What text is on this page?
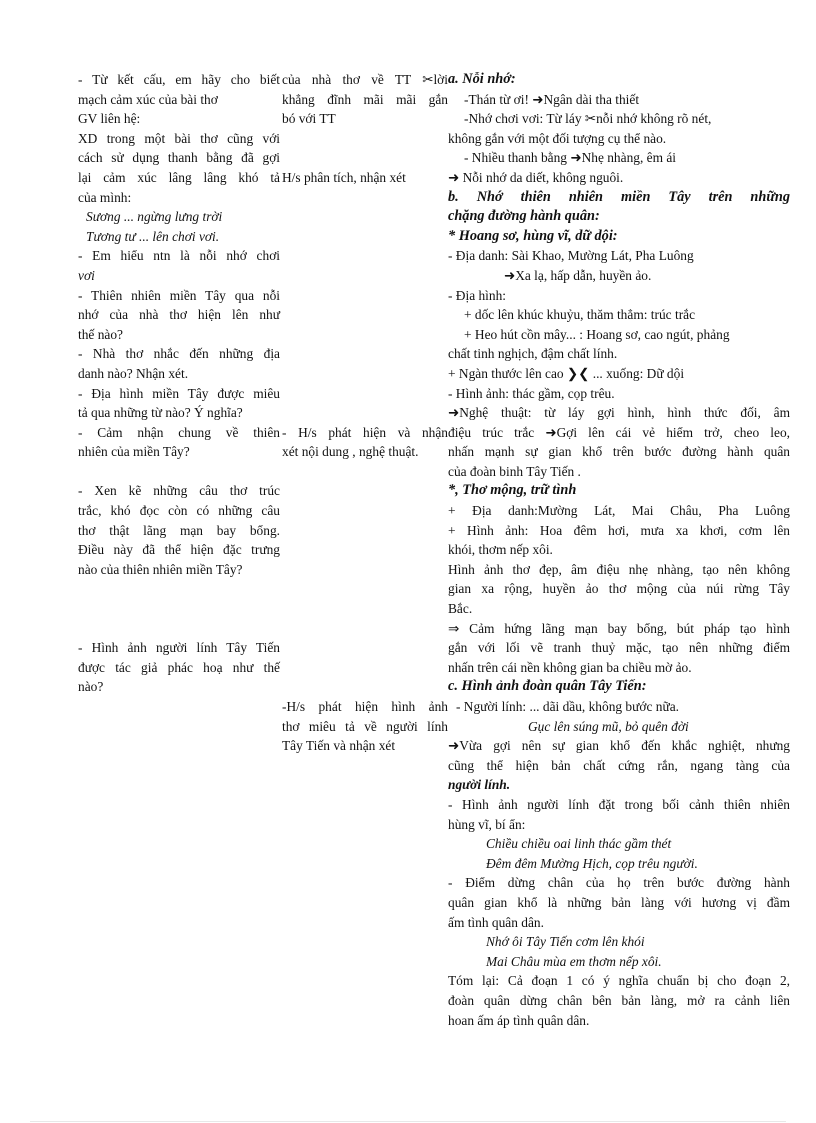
- Từ kết cấu, em hãy cho biết
mạch cảm xúc của bài thơ
GV liên hệ:
XD trong một bài thơ cũng với
cách sử dụng thanh bằng đã gợi
lại cảm xúc lâng lâng khó tả
của mình:
Sương ... ngừng lưng trời
Tương tư ... lên chơi vơi.
- Em hiểu ntn là nỗi nhớ chơi
vơi
- Thiên nhiên miền Tây qua nỗi
nhớ của nhà thơ hiện lên như
thế nào?
- Nhà thơ nhắc đến những địa
danh nào? Nhận xét.
- Địa hình miền Tây được miêu
tả qua những từ nào? Ý nghĩa?
- Cảm nhận chung về thiên
nhiên của miền Tây?
- Xen kẽ những câu thơ trúc
trắc, khó đọc còn có những câu
thơ thật lãng mạn bay bổng.
Điều này đã thể hiện đặc trưng
nào của thiên nhiên miền Tây?
- Hình ảnh người lính Tây Tiến
được tác giả phác hoạ như thế
nào?
của nhà thơ về TT ✂lời
khẳng đĩnh mãi mãi gắn
bó với TT
H/s phân tích, nhận xét
- H/s phát hiện và nhận
xét nội dung , nghệ thuật.
-H/s phát hiện hình ảnh
thơ miêu tả về người lính
Tây Tiến và nhận xét
a. Nỗi nhớ:
-Thán từ ơi! ➜Ngân dài tha thiết
-Nhớ chơi vơi: Từ láy ✂nỗi nhớ không rõ nét,
không gắn với một đối tượng cụ thể nào.
- Nhiều thanh bằng ➜Nhẹ nhàng, êm ái
➜ Nỗi nhớ da diết, không nguôi.
b. Nhớ thiên nhiên miền Tây trên những
chặng đường hành quân:
* Hoang sơ, hùng vĩ, dữ dội:
- Địa danh: Sài Khao, Mường Lát, Pha Luông
➜Xa lạ, hấp dẫn, huyền ảo.
- Địa hình:
+ dốc lên khúc khuỷu, thăm thẳm: trúc trắc
+ Heo hút cồn mây... : Hoang sơ, cao ngút, phảng
chất tinh nghịch, đậm chất lính.
+ Ngàn thước lên cao ❯❮ ... xuống: Dữ dội
- Hình ảnh: thác gầm, cọp trêu.
➜Nghệ thuật: từ láy gợi hình, hình thức đối, âm
điệu trúc trắc ➜Gợi lên cái vẻ hiểm trở, cheo leo,
nhấn mạnh sự gian khổ trên bước đường hành quân
của đoàn binh Tây Tiến .
*, Thơ mộng, trữ tình
+ Địa danh:Mường Lát, Mai Châu, Pha Luông
+ Hình ảnh: Hoa đêm hơi, mưa xa khơi, cơm lên
khói, thơm nếp xôi.
Hình ảnh thơ đẹp, âm điệu nhẹ nhàng, tạo nên không
gian xa rộng, huyền ảo thơ mộng của núi rừng Tây
Bắc.
⇒ Cảm hứng lãng mạn bay bổng, bút pháp tạo hình
gắn với lối vẽ tranh thuỷ mặc, tạo nên những điểm
nhấn trên cái nền không gian ba chiều mờ ảo.
c. Hình ảnh đoàn quân Tây Tiến:
- Người lính: ... dãi dầu, không bước nữa.
Gục lên súng mũ, bỏ quên đời
➜Vừa gợi nên sự gian khổ đến khắc nghiệt, nhưng
cũng thể hiện bản chất cứng rắn, ngang tàng của
người lính.
- Hình ảnh người lính đặt trong bối cảnh thiên nhiên
hùng vĩ, bí ẩn:
Chiều chiều oai linh thác gầm thét
Đêm đêm Mường Hịch, cọp trêu người.
- Điểm dừng chân của họ trên bước đường hành
quân gian khổ là những bản làng với hương vị đầm
ấm tình quân dân.
Nhớ ôi Tây Tiến cơm lên khói
Mai Châu mùa em thơm nếp xôi.
Tóm lại: Cả đoạn 1 có ý nghĩa chuẩn bị cho đoạn 2,
đoàn quân dừng chân bên bản làng, mở ra cảnh liên
hoan ấm áp tình quân dân.
